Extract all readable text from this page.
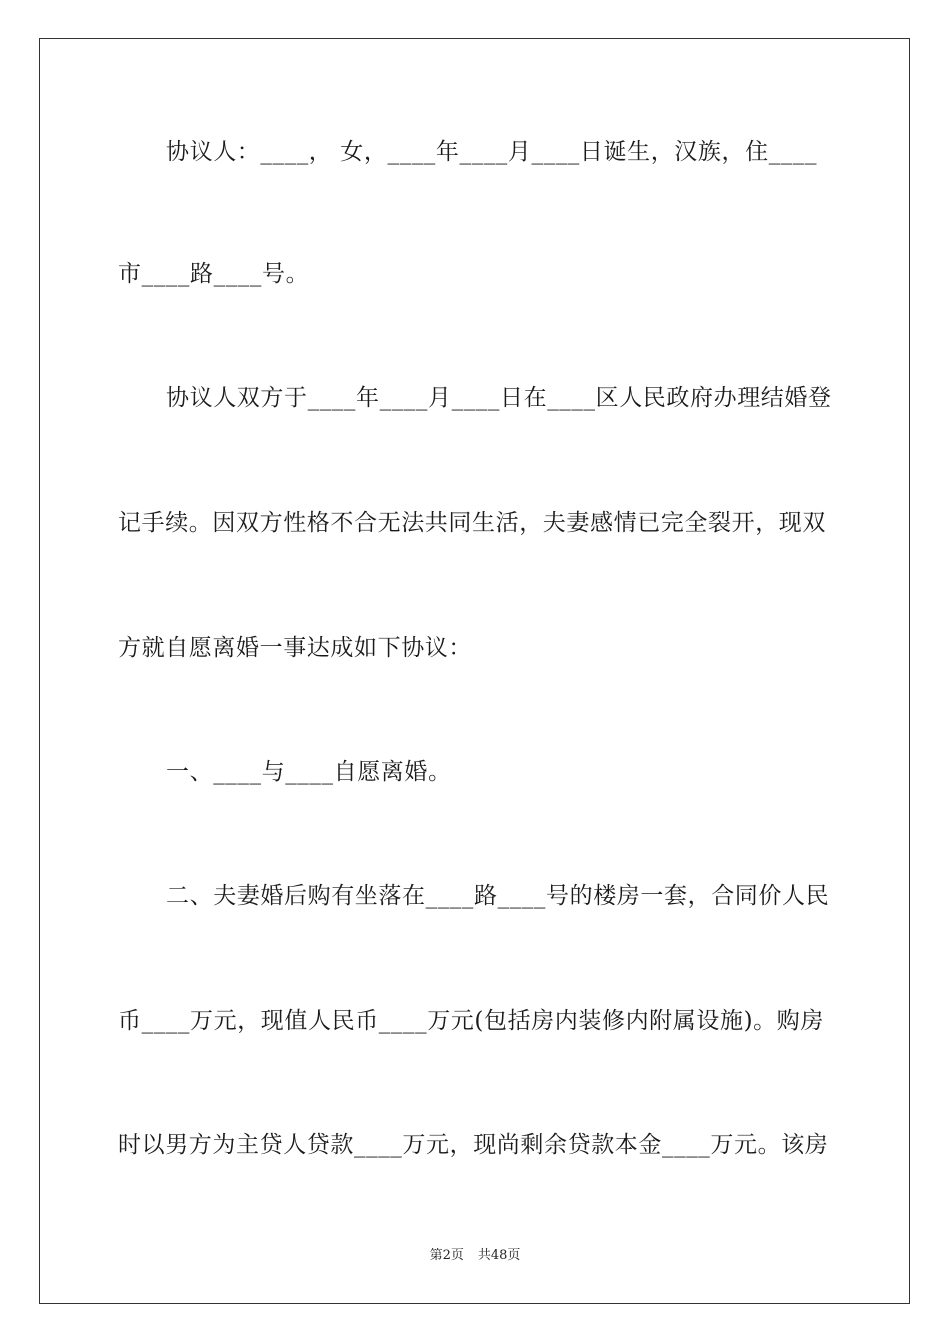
协议人：____， 女，____年____月____日诞生，汉族，住____
市____路____号。
协议人双方于____年____月____日在____区人民政府办理结婚登
记手续。因双方性格不合无法共同生活，夫妻感情已完全裂开，现双
方就自愿离婚一事达成如下协议：
一、____与____自愿离婚。
二、夫妻婚后购有坐落在____路____号的楼房一套，合同价人民
币____万元，现值人民币____万元(包括房内装修内附属设施)。购房
时以男方为主贷人贷款____万元，现尚剩余贷款本金____万元。该房
第2页 共48页
